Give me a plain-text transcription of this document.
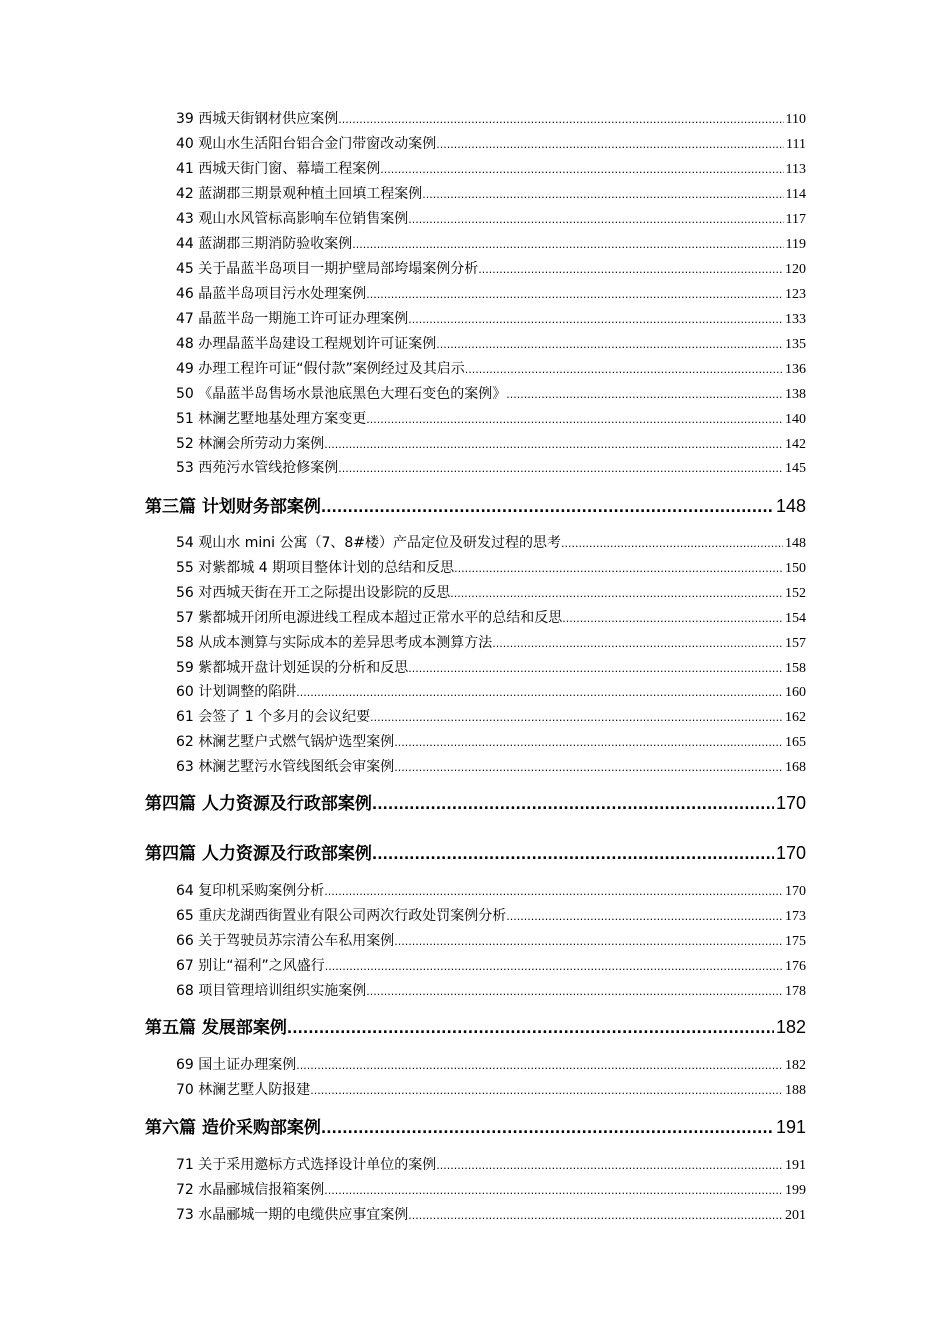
39 西城天街钢材供应案例 .....	110
40 观山水生活阳台铝合金门带窗改动案例 .....	111
41 西城天街门窗、幕墙工程案例 .....	113
42 蓝湖郡三期景观种植土回填工程案例 .....	114
43 观山水风管标高影响车位销售案例 .....	117
44 蓝湖郡三期消防验收案例 .....	119
45 关于晶蓝半岛项目一期护壁局部垮塌案例分析 .....	120
46 晶蓝半岛项目污水处理案例 .....	123
47 晶蓝半岛一期施工许可证办理案例 .....	133
48 办理晶蓝半岛建设工程规划许可证案例 .....	135
49 办理工程许可证“假付款”案例经过及其启示 .....	136
50 《晶蓝半岛售场水景池底黑色大理石变色的案例》 .....	138
51 林澜艺墅地基处理方案变更 .....	140
52 林澜会所劳动力案例 .....	142
53 西苑污水管线抢修案例 .....	145
第三篇 计划财务部案例 .....	148
54 观山水 mini 公寓（7、8#楼）产品定位及研发过程的思考 .....	148
55 对紫都城 4 期项目整体计划的总结和反思 .....	150
56 对西城天街在开工之际提出设影院的反思 .....	152
57 紫都城开闭所电源进线工程成本超过正常水平的总结和反思 .....	154
58 从成本测算与实际成本的差异思考成本测算方法 .....	157
59 紫都城开盘计划延误的分析和反思 .....	158
60 计划调整的陷阱 .....	160
61 会签了 1 个多月的会议纪要 .....	162
62 林澜艺墅户式燃气锅炉选型案例 .....	165
63 林澜艺墅污水管线图纸会审案例 .....	168
第四篇 人力资源及行政部案例 .....	170
第四篇 人力资源及行政部案例 .....	170
64 复印机采购案例分析 .....	170
65 重庆龙湖西街置业有限公司两次行政处罚案例分析 .....	173
66 关于驾驶员苏宗清公车私用案例 .....	175
67 别让“福利”之风盛行 .....	176
68 项目管理培训组织实施案例 .....	178
第五篇 发展部案例 .....	182
69 国土证办理案例 .....	182
70 林澜艺墅人防报建 .....	188
第六篇 造价采购部案例 .....	191
71 关于采用邀标方式选择设计单位的案例 .....	191
72 水晶郦城信报箱案例 .....	199
73 水晶郦城一期的电缆供应事宜案例 .....	201
